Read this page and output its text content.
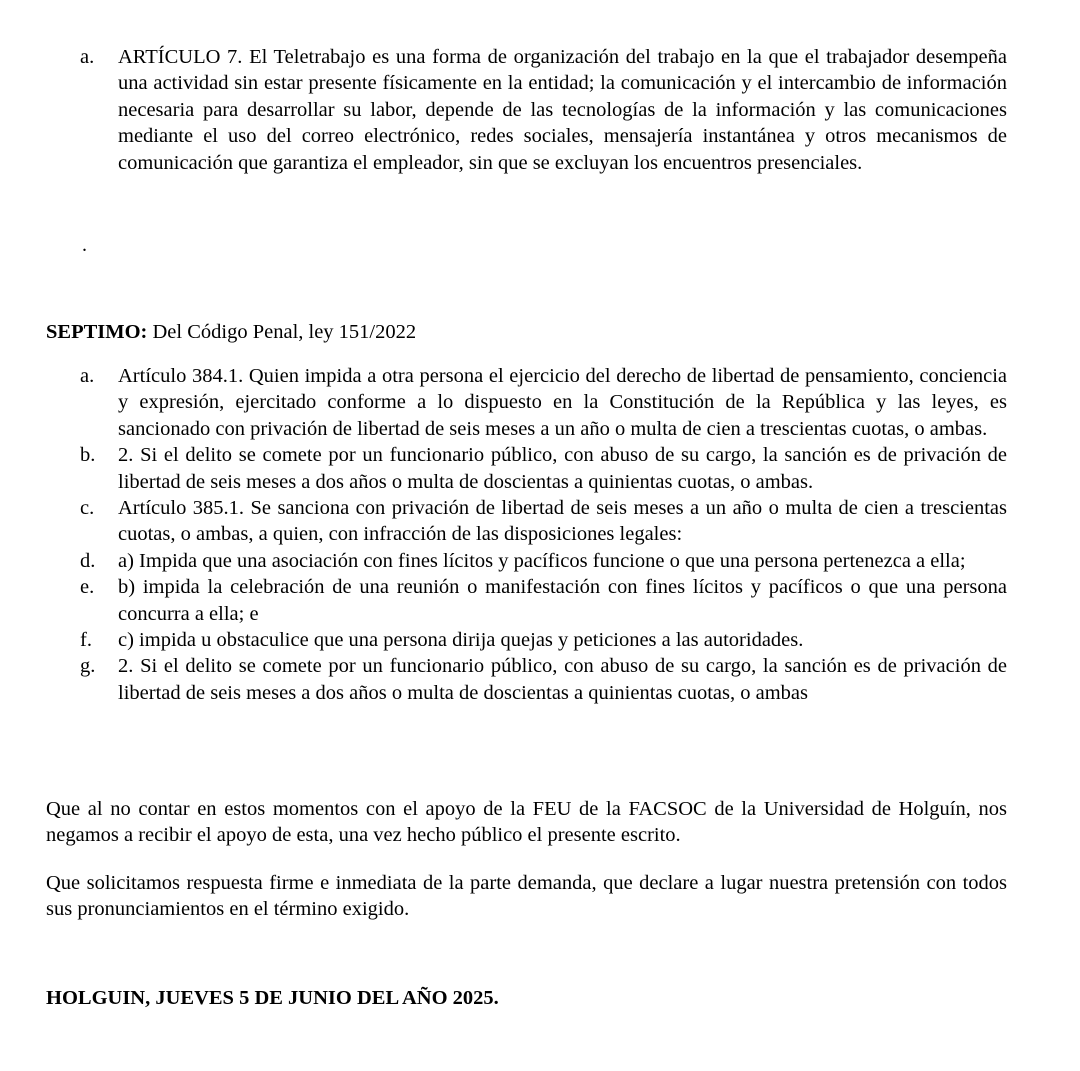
a.	ARTÍCULO 7. El Teletrabajo es una forma de organización del trabajo en la que el trabajador desempeña una actividad sin estar presente físicamente en la entidad; la comunicación y el intercambio de información necesaria para desarrollar su labor, depende de las tecnologías de la información y las comunicaciones mediante el uso del correo electrónico, redes sociales, mensajería instantánea y otros mecanismos de comunicación que garantiza el empleador, sin que se excluyan los encuentros presenciales.
.
SEPTIMO: Del Código Penal, ley 151/2022
a.	Artículo 384.1. Quien impida a otra persona el ejercicio del derecho de libertad de pensamiento, conciencia y expresión, ejercitado conforme a lo dispuesto en la Constitución de la República y las leyes, es sancionado con privación de libertad de seis meses a un año o multa de cien a trescientas cuotas, o ambas.
b.	2. Si el delito se comete por un funcionario público, con abuso de su cargo, la sanción es de privación de libertad de seis meses a dos años o multa de doscientas a quinientas cuotas, o ambas.
c.	Artículo 385.1. Se sanciona con privación de libertad de seis meses a un año o multa de cien a trescientas cuotas, o ambas, a quien, con infracción de las disposiciones legales:
d.	a) Impida que una asociación con fines lícitos y pacíficos funcione o que una persona pertenezca a ella;
e.	b) impida la celebración de una reunión o manifestación con fines lícitos y pacíficos o que una persona concurra a ella; e
f.	c) impida u obstaculice que una persona dirija quejas y peticiones a las autoridades.
g.	2. Si el delito se comete por un funcionario público, con abuso de su cargo, la sanción es de privación de libertad de seis meses a dos años o multa de doscientas a quinientas cuotas, o ambas
Que al no contar en estos momentos con el apoyo de la FEU de la FACSOC de la Universidad de Holguín, nos negamos a recibir el apoyo de esta, una vez hecho público el presente escrito.
Que solicitamos respuesta firme e inmediata de la parte demanda, que declare a lugar nuestra pretensión con todos sus pronunciamientos en el término exigido.
HOLGUIN, JUEVES 5 DE JUNIO DEL AÑO 2025.
